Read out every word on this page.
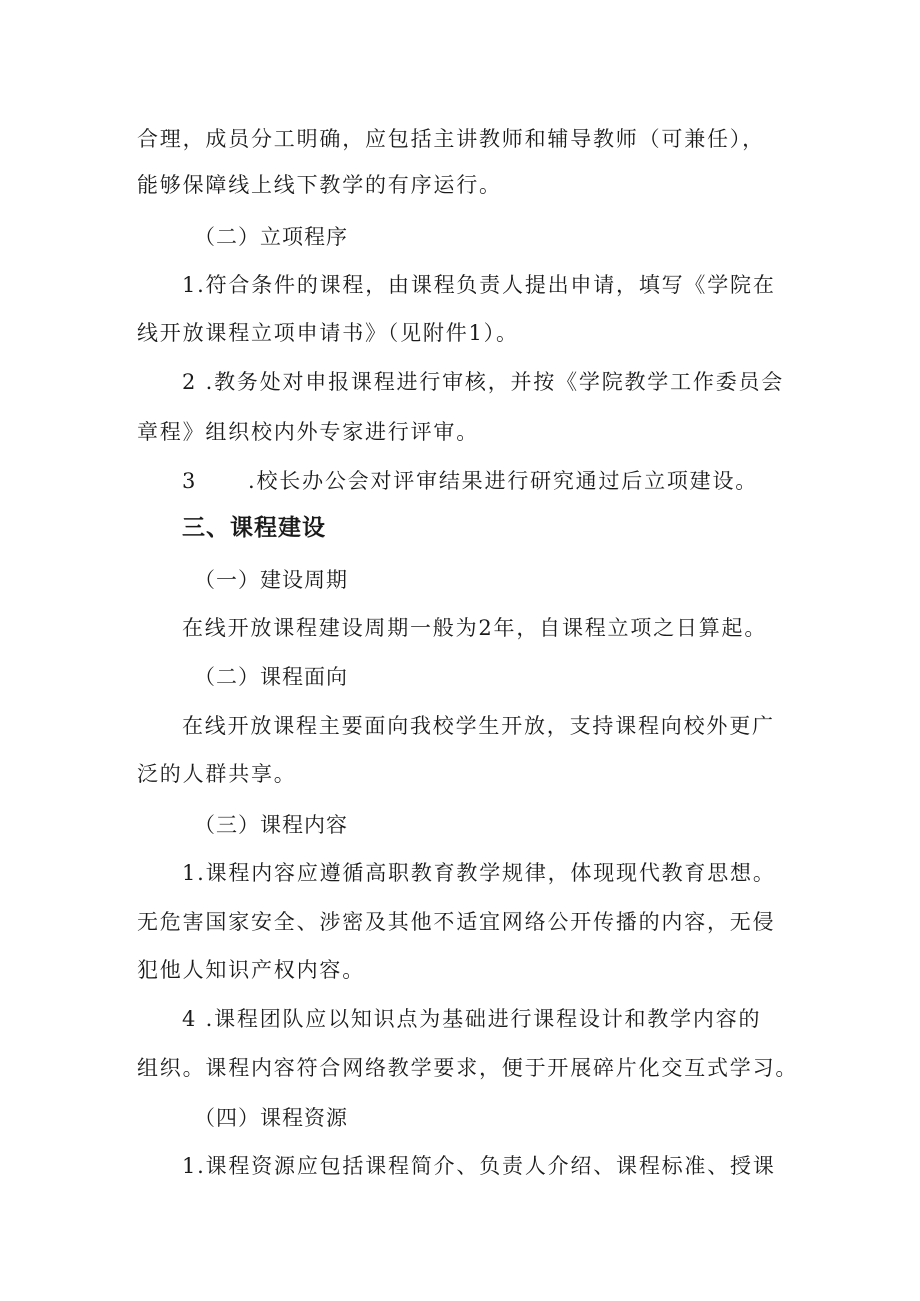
合理，成员分工明确，应包括主讲教师和辅导教师（可兼任），
能够保障线上线下教学的有序运行。
（二）立项程序
1.符合条件的课程，由课程负责人提出申请，填写《学院在
线开放课程立项申请书》（见附件1）。
2 .教务处对申报课程进行审核，并按《学院教学工作委员会
章程》组织校内外专家进行评审。
3      .校长办公会对评审结果进行研究通过后立项建设。
三、课程建设
（一）建设周期
在线开放课程建设周期一般为2年，自课程立项之日算起。
（二）课程面向
在线开放课程主要面向我校学生开放，支持课程向校外更广
泛的人群共享。
（三）课程内容
1.课程内容应遵循高职教育教学规律，体现现代教育思想。
无危害国家安全、涉密及其他不适宜网络公开传播的内容，无侵
犯他人知识产权内容。
4 .课程团队应以知识点为基础进行课程设计和教学内容的
组织。课程内容符合网络教学要求，便于开展碎片化交互式学习。
（四）课程资源
1.课程资源应包括课程简介、负责人介绍、课程标准、授课
